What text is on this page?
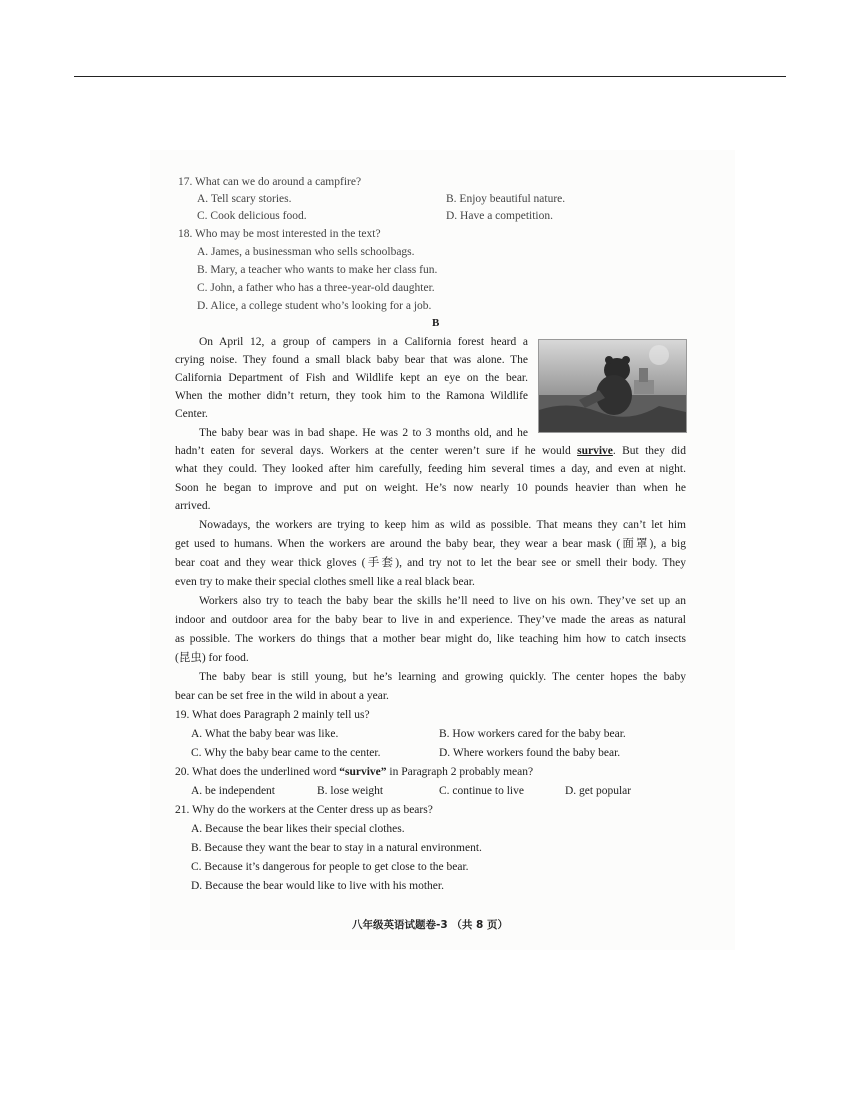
17. What can we do around a campfire?
A. Tell scary stories.	B. Enjoy beautiful nature.
C. Cook delicious food.	D. Have a competition.
18. Who may be most interested in the text?
A. James, a businessman who sells schoolbags.
B. Mary, a teacher who wants to make her class fun.
C. John, a father who has a three-year-old daughter.
D. Alice, a college student who’s looking for a job.
B
On April 12, a group of campers in a California forest heard a
crying noise. They found a small black baby bear that was alone. The
California Department of Fish and Wildlife kept an eye on the bear.
When the mother didn’t return, they took him to the Ramona Wildlife
Center.
The baby bear was in bad shape. He was 2 to 3 months old, and he
hadn’t eaten for several days. Workers at the center weren’t sure if he would survive. But they did
what they could. They looked after him carefully, feeding him several times a day, and even at night.
Soon he began to improve and put on weight. He’s now nearly 10 pounds heavier than when he
arrived.
Nowadays, the workers are trying to keep him as wild as possible. That means they can’t let him
get used to humans. When the workers are around the baby bear, they wear a bear mask (面罩), a big
bear coat and they wear thick gloves (手套), and try not to let the bear see or smell their body. They
even try to make their special clothes smell like a real black bear.
Workers also try to teach the baby bear the skills he’ll need to live on his own. They’ve set up an
indoor and outdoor area for the baby bear to live in and experience. They’ve made the areas as natural
as possible. The workers do things that a mother bear might do, like teaching him how to catch insects
(昆虫) for food.
The baby bear is still young, but he’s learning and growing quickly. The center hopes the baby
bear can be set free in the wild in about a year.
19. What does Paragraph 2 mainly tell us?
A. What the baby bear was like.	B. How workers cared for the baby bear.
C. Why the baby bear came to the center.	D. Where workers found the baby bear.
20. What does the underlined word “survive” in Paragraph 2 probably mean?
A. be independent	B. lose weight	C. continue to live	D. get popular
21. Why do the workers at the Center dress up as bears?
A. Because the bear likes their special clothes.
B. Because they want the bear to stay in a natural environment.
C. Because it’s dangerous for people to get close to the bear.
D. Because the bear would like to live with his mother.
八年级英语试题卷-3 （共 8 页）
